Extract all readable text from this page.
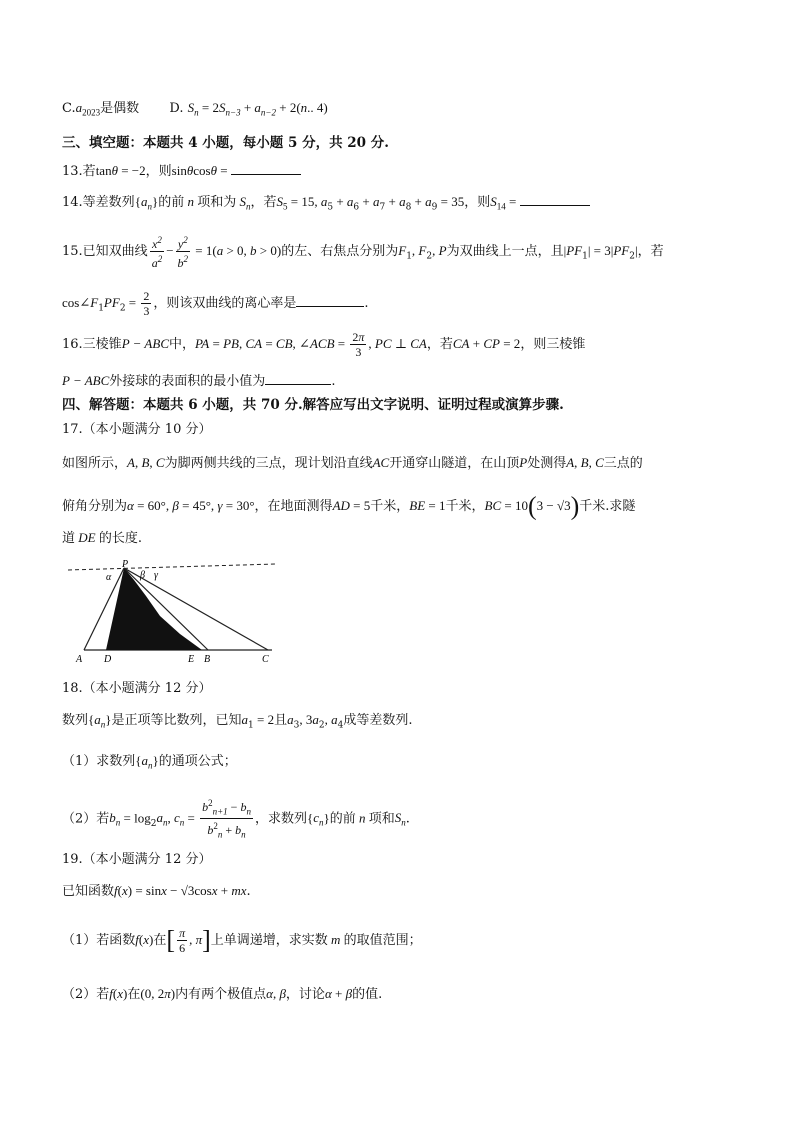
$C.a_{2023}$是偶数 D. $S_n = 2S_{n-3} + a_{n-2} + 2(n$.. 4)
三、填空题：本题共 4 小题，每小题 5 分，共 20 分.
13.若tanθ = −2，则sinθcosθ =
14.等差数列$\{a_n\}$的前 n 项和为 $S_n$，若$S_5 = 15$, $a_5 + a_6 + a_7 + a_8 + a_9 = 35$，则$S_{14}$ =
15.已知双曲线 $\frac{x^2}{a^2} - \frac{y^2}{b^2} = 1(a > 0$, b > 0)的左、右焦点分别为$F_1$, $F_2$, P为双曲线上一点，且$|PF_1| = 3|PF_2|$，若
$\cos\angle F_1PF_2 = \frac{2}{3}$ ，则该双曲线的离心率是	.
16.三棱锥P − ABC中，PA = PB, CA = CB, ∠ACB = $\frac{2\pi}{3}$ , PC ⊥ CA，若CA + CP = 2，则三棱锥
P − ABC外接球的表面积的最小值为	.
四、解答题：本题共 6 小题，共 70 分.解答应写出文字说明、证明过程或演算步骤.
17.（本小题满分 10 分）
如图所示，A, B, C为脚两侧共线的三点，现计划沿直线AC开通穿山隧道，在山顶P处测得A, B, C三点的
俯角分别为α = 60°, β = 45°, γ = 30°，在地面测得AD = 5千米，BE = 1千米，BC = 10(3 − √3)千米.求隧
道 DE 的长度.
P
α	β γ
A D	E B	C
18.（本小题满分 12 分）
数列$\{a_n\}$是正项等比数列，已知$a_1 = 2$且$a_3$, $3a_2$, $a_4$成等差数列.
（1）求数列$\{a_n\}$的通项公式；
（2）若$b_n = \log_2a_n$, $c_n = \frac{b^2_{n+1} - b_n}{b^2_n + b_n}$ ，求数列$\{c_n\}$的前 n 项和$S_n$.
19.（本小题满分 12 分）
已知函数f(x) = sinx − √3cosx + mx.
（1）若函数f(x)在[ $\frac{\pi}{6}$ , π]上单调递增，求实数 m 的取值范围；
（2）若f(x)在(0, 2π)内有两个极值点α, β，讨论α + β的值.
